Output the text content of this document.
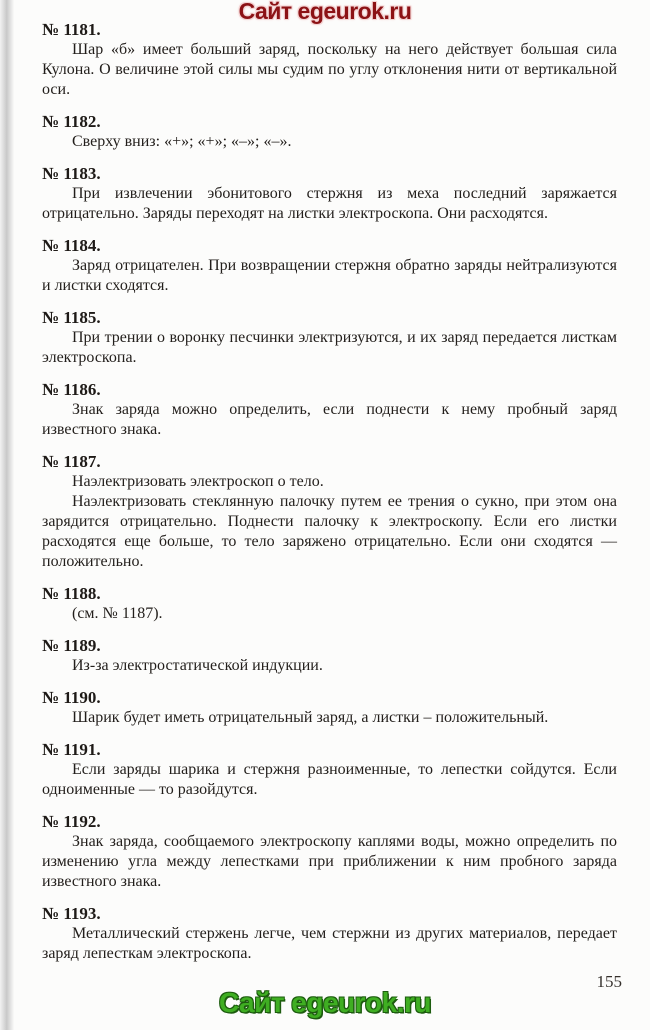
Сайт egeurok.ru
№ 1181.

Шар «б» имеет больший заряд, поскольку на него действует большая сила Кулона. О величине этой силы мы судим по углу отклонения нити от вертикальной оси.

№ 1182.

Сверху вниз: «+»; «+»; «–»; «–».

№ 1183.

При извлечении эбонитового стержня из меха последний заряжается отрицательно. Заряды переходят на листки электроскопа. Они расходятся.

№ 1184.

Заряд отрицателен. При возвращении стержня обратно заряды нейтрализуются и листки сходятся.

№ 1185.

При трении о воронку песчинки электризуются, и их заряд передается листкам электроскопа.

№ 1186.

Знак заряда можно определить, если поднести к нему пробный заряд известного знака.

№ 1187.

Наэлектризовать электроскоп о тело.

Наэлектризовать стеклянную палочку путем ее трения о сукно, при этом она зарядится отрицательно. Поднести палочку к электроскопу. Если его листки расходятся еще больше, то тело заряжено отрицательно. Если они сходятся — положительно.

№ 1188.

(см. № 1187).

№ 1189.

Из-за электростатической индукции.

№ 1190.

Шарик будет иметь отрицательный заряд, а листки – положительный.

№ 1191.

Если заряды шарика и стержня разноименные, то лепестки сойдутся. Если одноименные — то разойдутся.

№ 1192.

Знак заряда, сообщаемого электроскопу каплями воды, можно определить по изменению угла между лепестками при приближении к ним пробного заряда известного знака.

№ 1193.

Металлический стержень легче, чем стержни из других материалов, передает заряд лепесткам электроскопа.

155
Сайт egeurok.ru
